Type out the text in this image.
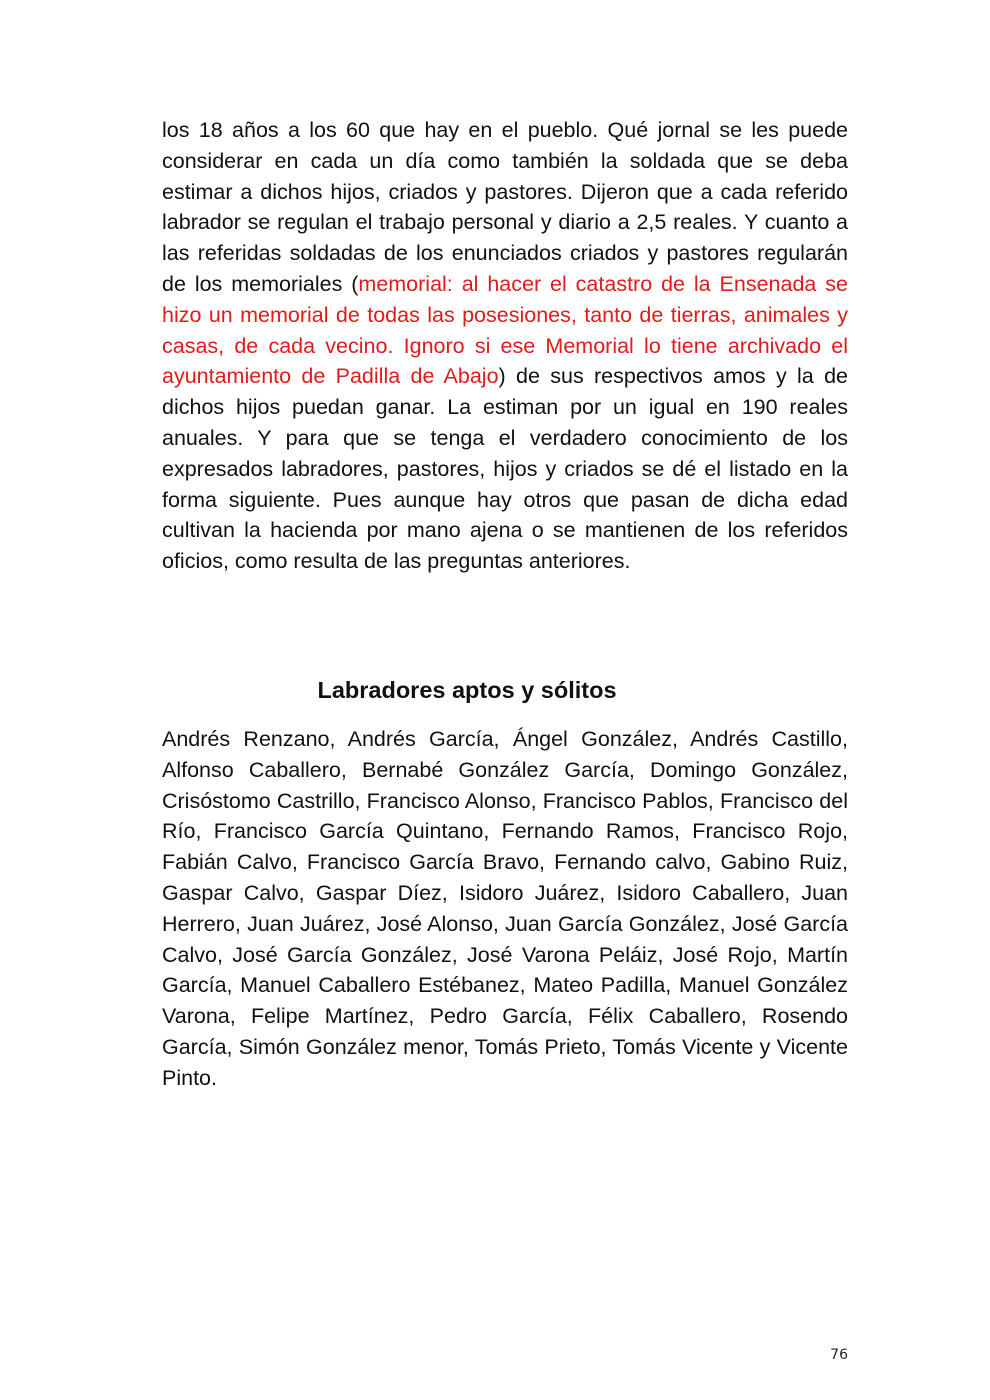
los 18 años a los 60 que hay en el pueblo. Qué jornal se les puede considerar en cada un día como también la soldada que se deba estimar a dichos hijos, criados y pastores. Dijeron que a cada referido labrador se regulan el trabajo personal y diario a 2,5 reales. Y cuanto a las referidas soldadas de los enunciados criados y pastores regularán de los memoriales (memorial: al hacer el catastro de la Ensenada se hizo un memorial de todas las posesiones, tanto de tierras, animales y casas, de cada vecino. Ignoro si ese Memorial lo tiene archivado el ayuntamiento de Padilla de Abajo) de sus respectivos amos y la de dichos hijos puedan ganar. La estiman por un igual en 190 reales anuales. Y para que se tenga el verdadero conocimiento de los expresados labradores, pastores, hijos y criados se dé el listado en la forma siguiente. Pues aunque hay otros que pasan de dicha edad cultivan la hacienda por mano ajena o se mantienen de los referidos oficios, como resulta de las preguntas anteriores.

Labradores aptos y sólitos

Andrés Renzano, Andrés García, Ángel González, Andrés Castillo, Alfonso Caballero, Bernabé González García, Domingo González, Crisóstomo Castrillo, Francisco Alonso, Francisco Pablos, Francisco del Río, Francisco García Quintano, Fernando Ramos, Francisco Rojo, Fabián Calvo, Francisco García Bravo, Fernando calvo, Gabino Ruiz, Gaspar Calvo, Gaspar Díez, Isidoro Juárez, Isidoro Caballero, Juan Herrero, Juan Juárez, José Alonso, Juan García González, José García Calvo, José García González, José Varona Peláiz, José Rojo, Martín García, Manuel Caballero Estébanez, Mateo Padilla, Manuel González Varona, Felipe Martínez, Pedro García, Félix Caballero, Rosendo García, Simón González menor, Tomás Prieto, Tomás Vicente y Vicente Pinto.

76
